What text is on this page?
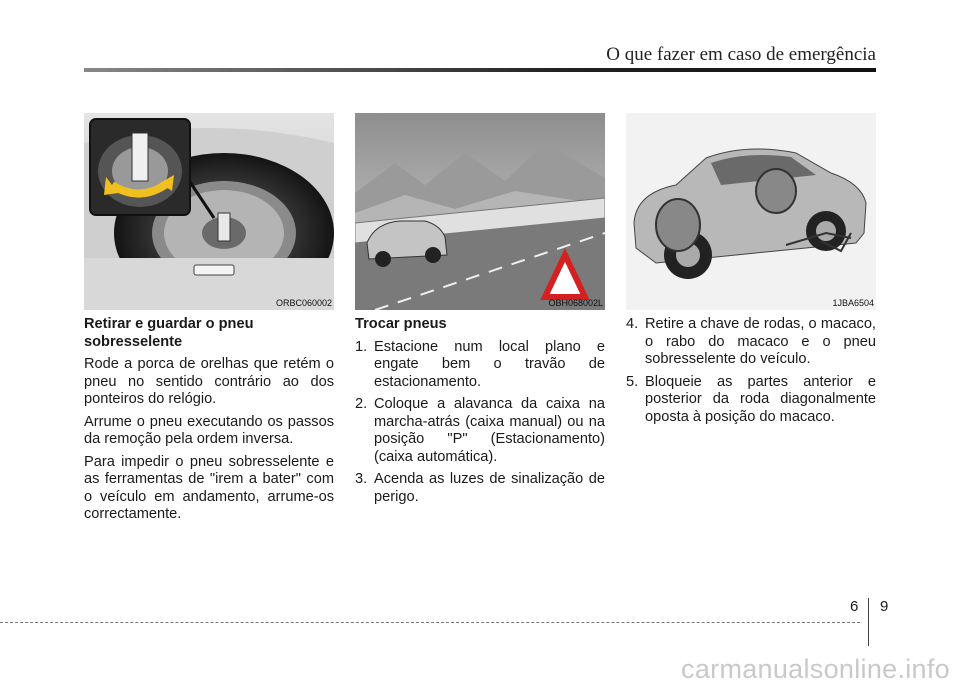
O que fazer em caso de emergência
ORBC060002	OBH068002L	1JBA6504
Retirar e guardar o pneu sobresselente

Rode a porca de orelhas que retém o pneu no sentido contrário ao dos ponteiros do relógio.

Arrume o pneu executando os passos da remoção pela ordem inversa.

Para impedir o pneu sobresselente e as ferramentas de "irem a bater" com o veículo em andamento, arrume-os correctamente.

Trocar pneus
1. Estacione num local plano e engate bem o travão de estacionamento.
2. Coloque a alavanca da caixa na marcha-atrás (caixa manual) ou na posição "P" (Estacionamento) (caixa automática).
3. Acenda as luzes de sinalização de perigo.
4. Retire a chave de rodas, o macaco, o rabo do macaco e o pneu sobresselente do veículo.
5. Bloqueie as partes anterior e posterior da roda diagonalmente oposta à posição do macaco.
6 9
carmanualsonline.info
